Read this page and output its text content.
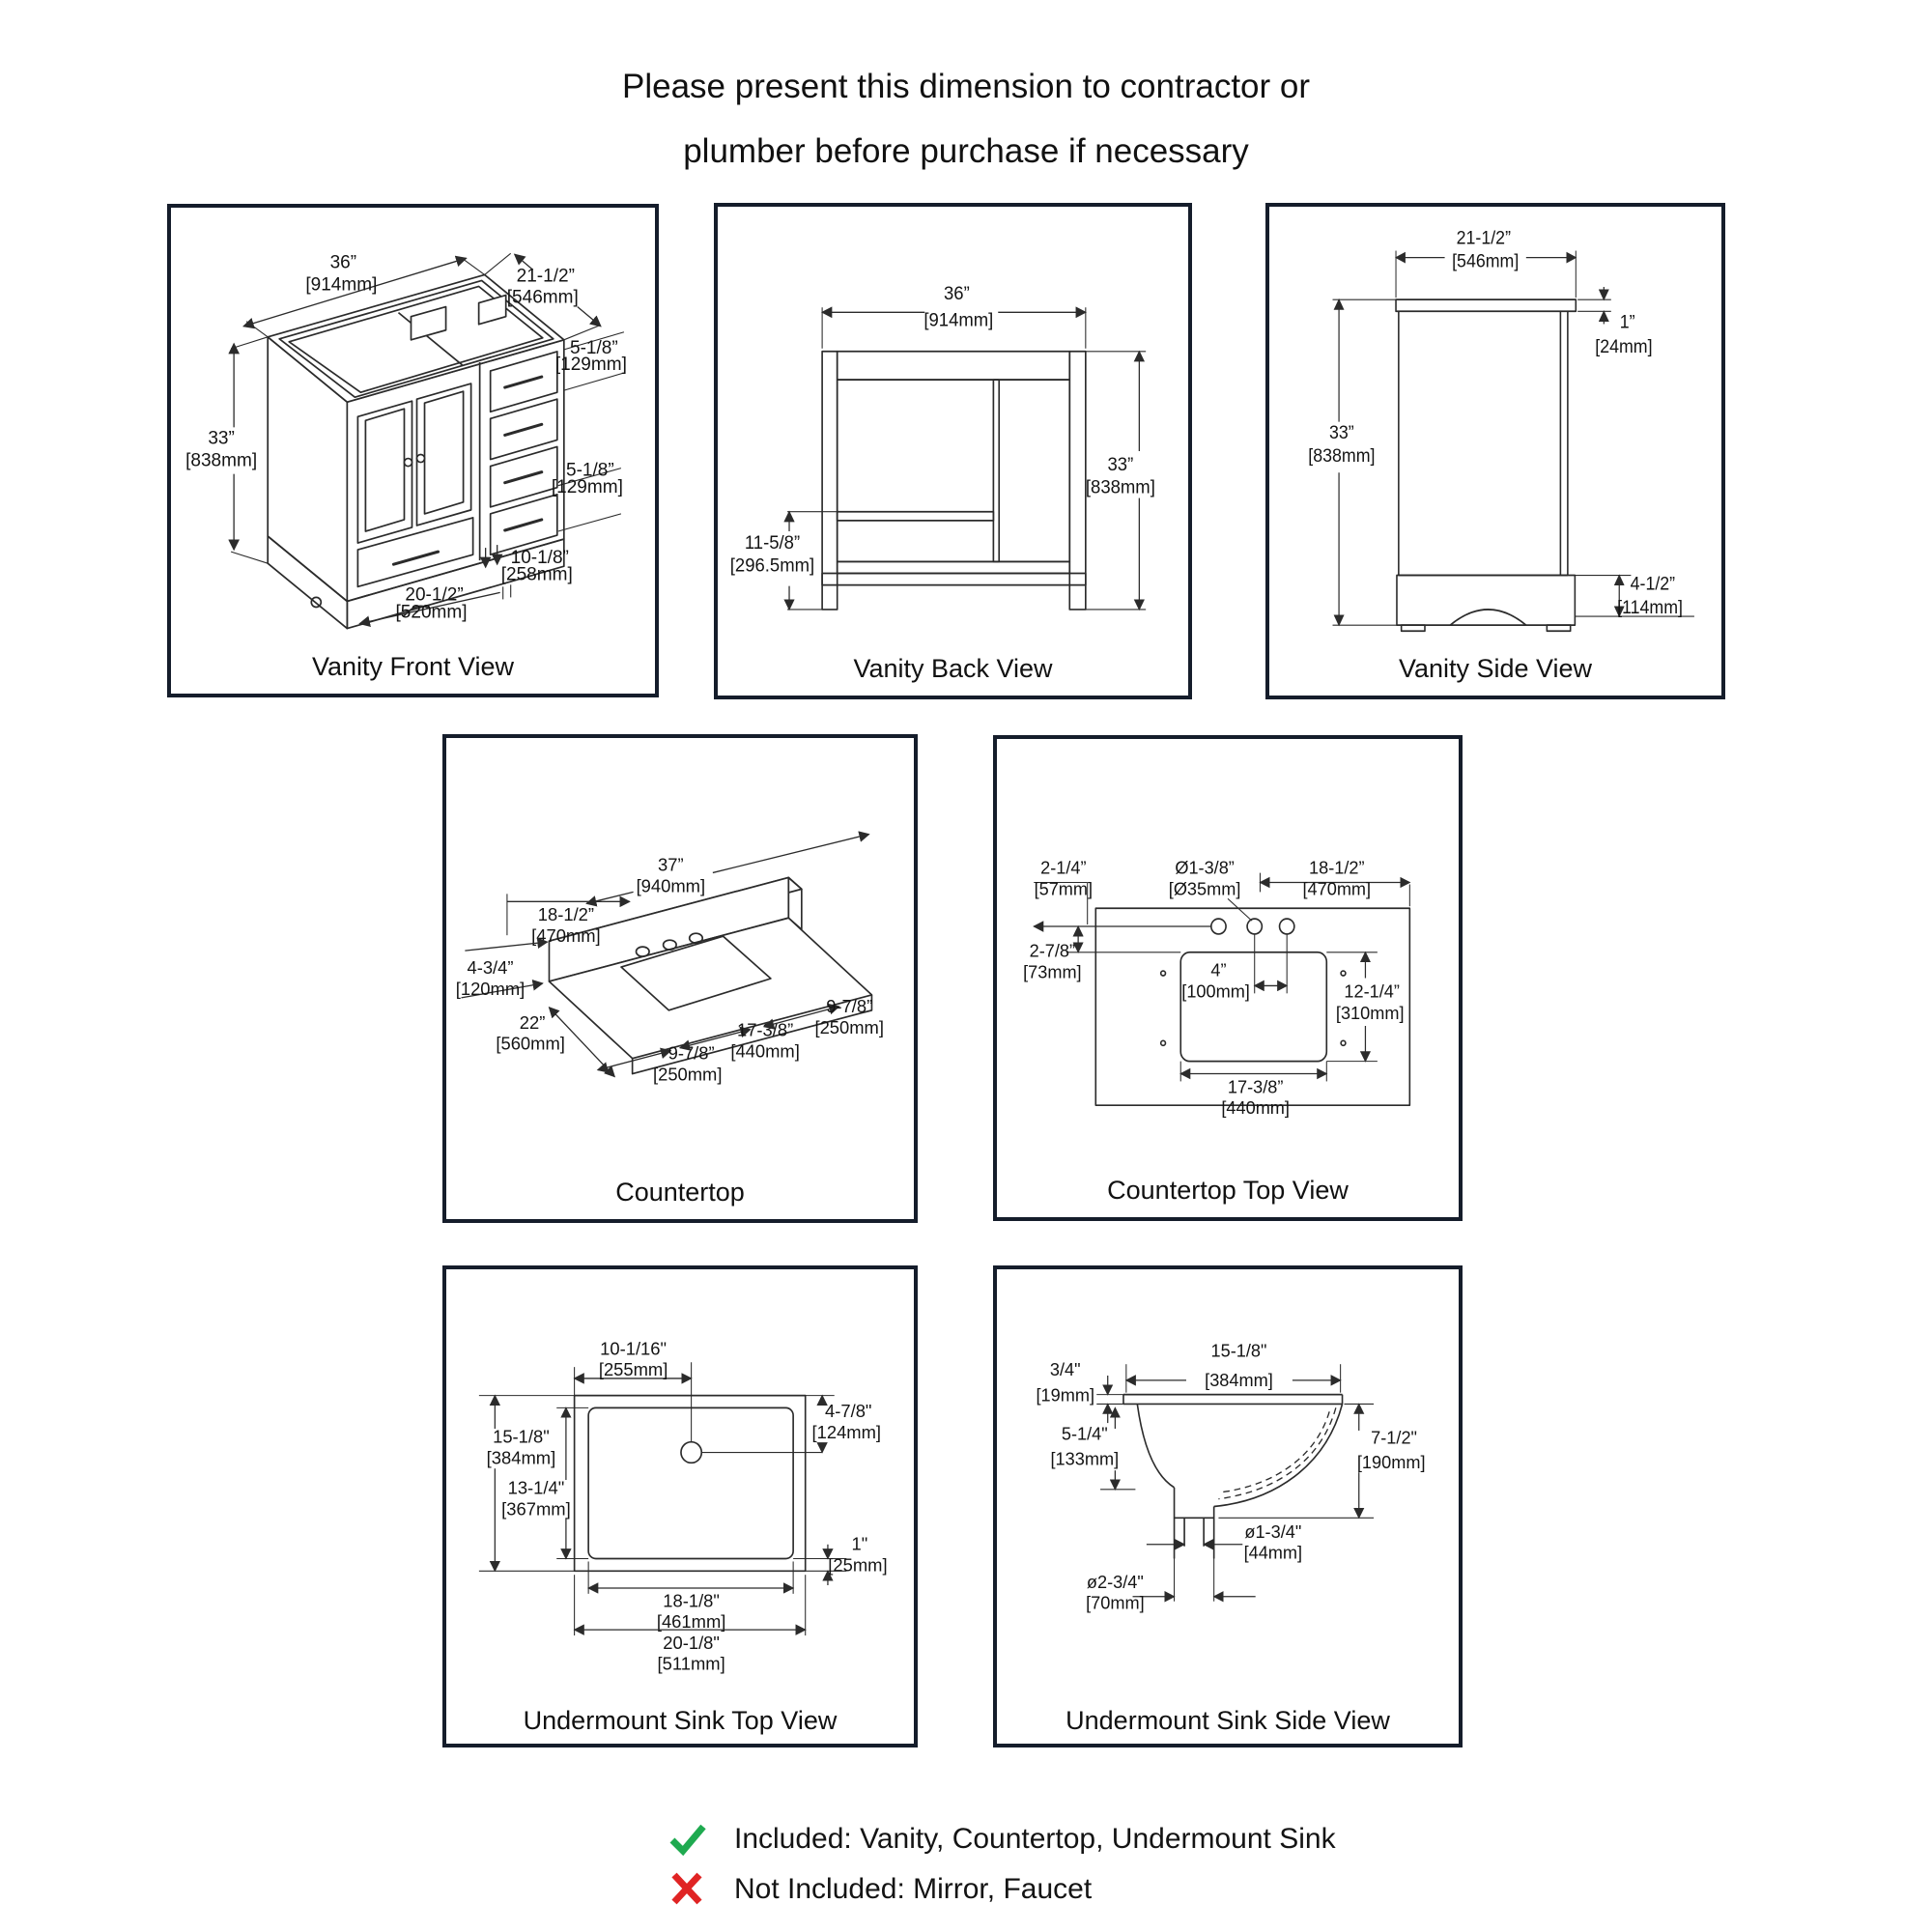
Please present this dimension to contractor or
plumber before purchase if necessary
36”
[914mm]	21-1/2”
[546mm]
5-1/8”
[129mm]
33”
[838mm]	5-1/8”
[129mm]
10-1/8”
[258mm]
20-1/2”
[520mm]
Vanity Front View
36”
[914mm]
33”
[838mm]
11-5/8”
[296.5mm]
Vanity Back View
21-1/2”
[546mm]
1”
[24mm]
33”
[838mm]
4-1/2”
[114mm]
Vanity Side View
37”
[940mm]
18-1/2”
[470mm]
4-3/4”
[120mm]
22”
[560mm]	9-7/8”
[250mm]
17-3/8”
[440mm]
9-7/8”
[250mm]
Countertop
2-1/4”
[57mm]
Ø1-3/8”
[Ø35mm]
18-1/2”
[470mm]
2-7/8”
[73mm]	4”
[100mm]	12-1/4”
[310mm]
17-3/8”
[440mm]
Countertop Top View
10-1/16"
[255mm]
15-1/8"
[384mm]
13-1/4"
[367mm]
4-7/8"
[124mm]
1"
[25mm]
18-1/8"
[461mm]
20-1/8"
[511mm]
Undermount Sink Top View
15-1/8"
[384mm]
3/4"
[19mm]
5-1/4"
[133mm]
7-1/2"
[190mm]
ø1-3/4"
[44mm]
ø2-3/4"
[70mm]
Undermount Sink Side View
Included: Vanity, Countertop, Undermount Sink
Not Included: Mirror, Faucet
